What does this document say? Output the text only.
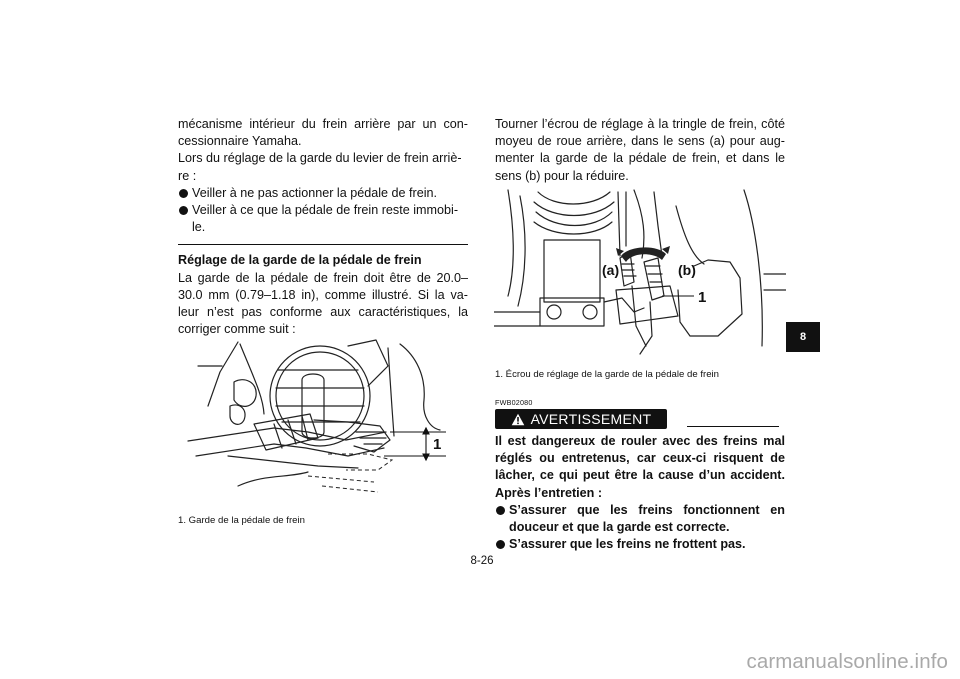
mécanisme intérieur du frein arrière par un con-cessionnaire Yamaha.

Lors du réglage de la garde du levier de frein arriè-re :

Veiller à ne pas actionner la pédale de frein.
Veiller à ce que la pédale de frein reste immobi-le.

Réglage de la garde de la pédale de frein

La garde de la pédale de frein doit être de 20.0–30.0 mm (0.79–1.18 in), comme illustré. Si la va-leur n’est pas conforme aux caractéristiques, la corriger comme suit :

1
1. Garde de la pédale de frein

Tourner l’écrou de réglage à la tringle de frein, côté moyeu de roue arrière, dans le sens (a) pour aug-menter la garde de la pédale de frein, et dans le sens (b) pour la réduire.

(a)	(b)
1
1. Écrou de réglage de la garde de la pédale de frein
FWB02080
AVERTISSEMENT

Il est dangereux de rouler avec des freins mal réglés ou entretenus, car ceux-ci risquent de lâcher, ce qui peut être la cause d’un accident. Après l’entretien :

S’assurer que les freins fonctionnent en douceur et que la garde est correcte.
S’assurer que les freins ne frottent pas.
8
8-26
carmanualsonline.info
